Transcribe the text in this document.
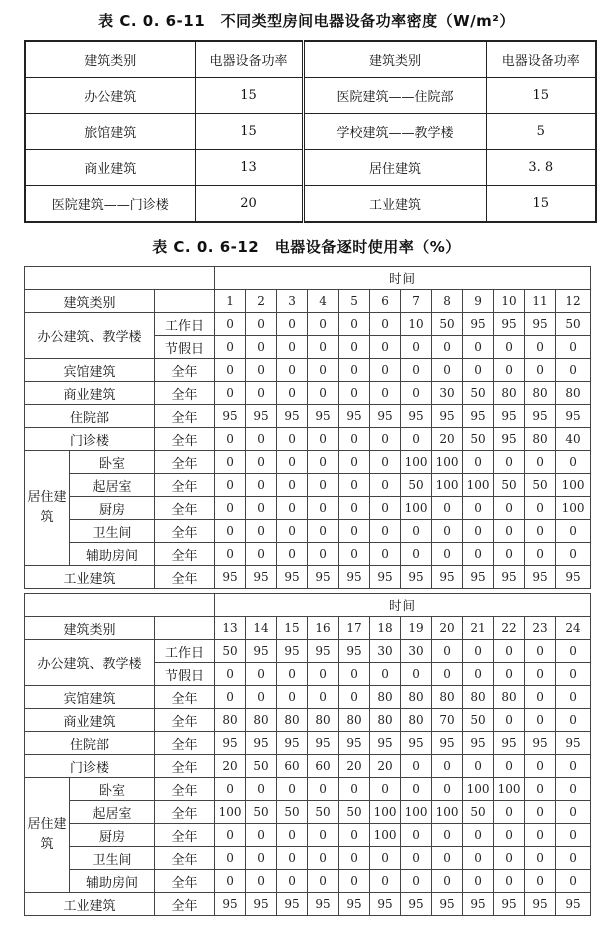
表 C. 0. 6-11　不同类型房间电器设备功率密度（W/m²）
建筑类别	电器设备功率	建筑类别	电器设备功率
办公建筑	15	医院建筑——住院部	15
旅馆建筑	15	学校建筑——教学楼	5
商业建筑	13	居住建筑	3. 8
医院建筑——门诊楼	20	工业建筑	15
表 C. 0. 6-12　电器设备逐时使用率（%）
			时间											
建筑类别			1	2	3	4	5	6	7	8	9	10	11	12
办公建筑、教学楼		工作日	0	0	0	0	0	0	10	50	95	95	95	50
		节假日	0	0	0	0	0	0	0	0	0	0	0	0
宾馆建筑		全年	0	0	0	0	0	0	0	0	0	0	0	0
商业建筑		全年	0	0	0	0	0	0	0	30	50	80	80	80
住院部		全年	95	95	95	95	95	95	95	95	95	95	95	95
门诊楼		全年	0	0	0	0	0	0	0	20	50	95	80	40
居住建筑	卧室	全年	0	0	0	0	0	0	100	100	0	0	0	0
	起居室	全年	0	0	0	0	0	0	50	100	100	50	50	100
	厨房	全年	0	0	0	0	0	0	100	0	0	0	0	100
	卫生间	全年	0	0	0	0	0	0	0	0	0	0	0	0
	辅助房间	全年	0	0	0	0	0	0	0	0	0	0	0	0
工业建筑		全年	95	95	95	95	95	95	95	95	95	95	95	95
			时间											
建筑类别			13	14	15	16	17	18	19	20	21	22	23	24
办公建筑、教学楼		工作日	50	95	95	95	95	30	30	0	0	0	0	0
		节假日	0	0	0	0	0	0	0	0	0	0	0	0
宾馆建筑		全年	0	0	0	0	0	80	80	80	80	80	0	0
商业建筑		全年	80	80	80	80	80	80	80	70	50	0	0	0
住院部		全年	95	95	95	95	95	95	95	95	95	95	95	95
门诊楼		全年	20	50	60	60	20	20	0	0	0	0	0	0
居住建筑	卧室	全年	0	0	0	0	0	0	0	0	100	100	0	0
	起居室	全年	100	50	50	50	50	100	100	100	50	0	0	0
	厨房	全年	0	0	0	0	0	100	0	0	0	0	0	0
	卫生间	全年	0	0	0	0	0	0	0	0	0	0	0	0
	辅助房间	全年	0	0	0	0	0	0	0	0	0	0	0	0
工业建筑		全年	95	95	95	95	95	95	95	95	95	95	95	95
